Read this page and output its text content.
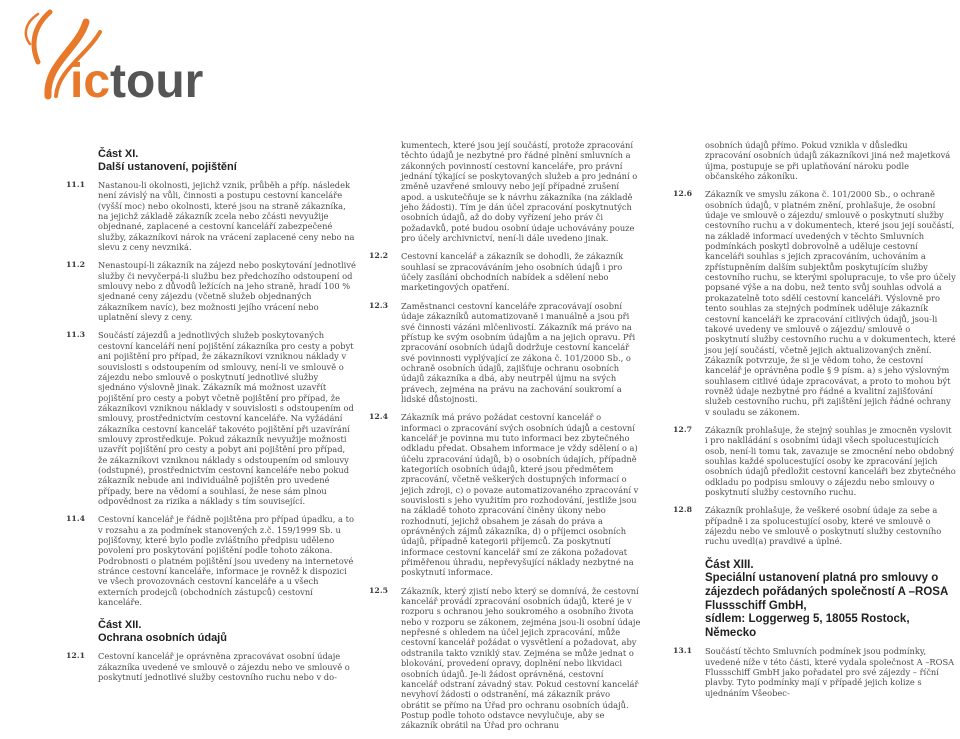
ictour
Část XI.
Další ustanovení, pojištění
11.1	Nastanou-li okolnosti, jejichž vznik, průběh a příp. následek není závislý na vůli, činnosti a postupu cestovní kanceláře (vyšší moc) nebo okolnosti, které jsou na straně zákazníka, na jejichž základě zákazník zcela nebo zčásti nevyužije objednané, zaplacené a cestovní kanceláří zabezpečené služby, zákazníkovi nárok na vrácení zaplacené ceny nebo na slevu z ceny nevzniká.
11.2	Nenastoupí-li zákazník na zájezd nebo poskytování jednotlivé služby či nevyčerpá-li službu bez předchozího odstoupení od smlouvy nebo z důvodů ležících na jeho straně, hradí 100 % sjednané ceny zájezdu (včetně služeb objednaných zákazníkem navíc), bez možnosti jejího vrácení nebo uplatnění slevy z ceny.
11.3	Součástí zájezdů a jednotlivých služeb poskytovaných cestovní kanceláří není pojištění zákazníka pro cesty a pobyt ani pojištění pro případ, že zákazníkovi vzniknou náklady v souvislosti s odstoupením od smlouvy, není-li ve smlouvě o zájezdu nebo smlouvě o poskytnutí jednotlivé služby sjednáno výslovně jinak. Zákazník má možnost uzavřít pojištění pro cesty a pobyt včetně pojištění pro případ, že zákazníkovi vzniknou náklady v souvislosti s odstoupením od smlouvy, prostřednictvím cestovní kanceláře. Na vyžádání zákazníka cestovní kancelář takovéto pojištění při uzavírání smlouvy zprostředkuje. Pokud zákazník nevyužije možnosti uzavřít pojištění pro cesty a pobyt ani pojištění pro případ, že zákazníkovi vzniknou náklady s odstoupením od smlouvy (odstupné), prostřednictvím cestovní kanceláře nebo pokud zákazník nebude ani individuálně pojištěn pro uvedené případy, bere na vědomí a souhlasí, že nese sám plnou odpovědnost za rizika a náklady s tím související.
11.4	Cestovní kancelář je řádně pojištěna pro případ úpadku, a to v rozsahu a za podmínek stanovených z.č. 159/1999 Sb. u pojišťovny, které bylo podle zvláštního předpisu uděleno povolení pro poskytování pojištění podle tohoto zákona. Podrobnosti o platném pojištění jsou uvedeny na internetové stránce cestovní kanceláře, informace je rovněž k dispozici ve všech provozovnách cestovní kanceláře a u všech externích prodejců (obchodních zástupců) cestovní kanceláře.
Část XII.
Ochrana osobních údajů
12.1	Cestovní kancelář je oprávněna zpracovávat osobní údaje zákazníka uvedené ve smlouvě o zájezdu nebo ve smlouvě o poskytnutí jednotlivé služby cestovního ruchu nebo v do-
kumentech, které jsou její součástí, protože zpracování těchto údajů je nezbytné pro řádné plnění smluvních a zákonných povinností cestovní kanceláře, pro právní jednání týkající se poskytovaných služeb a pro jednání o změně uzavřené smlouvy nebo její případné zrušení apod. a uskutečňuje se k návrhu zákazníka (na základě jeho žádosti). Tím je dán účel zpracování poskytnutých osobních údajů, až do doby vyřízení jeho práv či požadavků, poté budou osobní údaje uchovávány pouze pro účely archivnictví, není-li dále uvedeno jinak.
12.2	Cestovní kancelář a zákazník se dohodli, že zákazník souhlasí se zpracováváním jeho osobních údajů i pro účely zasílání obchodních nabídek a sdělení nebo marketingových opatření.
12.3	Zaměstnanci cestovní kanceláře zpracovávají osobní údaje zákazníků automatizovaně i manuálně a jsou při své činnosti vázáni mlčenlivostí. Zákazník má právo na přístup ke svým osobním údajům a na jejich opravu. Při zpracování osobních údajů dodržuje cestovní kancelář své povinnosti vyplývající ze zákona č. 101/2000 Sb., o ochraně osobních údajů, zajišťuje ochranu osobních údajů zákazníka a dbá, aby neutrpěl újmu na svých právech, zejména na právu na zachování soukromí a lidské důstojnosti.
12.4	Zákazník má právo požádat cestovní kancelář o informaci o zpracování svých osobních údajů a cestovní kancelář je povinna mu tuto informaci bez zbytečného odkladu předat. Obsahem informace je vždy sdělení o a) účelu zpracování údajů, b) o osobních údajích, případně kategoriích osobních údajů, které jsou předmětem zpracování, včetně veškerých dostupných informací o jejich zdroji, c) o povaze automatizovaného zpracování v souvislosti s jeho využitím pro rozhodování, jestliže jsou na základě tohoto zpracování činěny úkony nebo rozhodnutí, jejichž obsahem je zásah do práva a oprávněných zájmů zákazníka, d) o příjemci osobních údajů, případně kategorii příjemců. Za poskytnutí informace cestovní kancelář smí ze zákona požadovat přiměřenou úhradu, nepřevyšující náklady nezbytné na poskytnutí informace.
12.5	Zákazník, který zjistí nebo který se domnívá, že cestovní kancelář provádí zpracování osobních údajů, které je v rozporu s ochranou jeho soukromého a osobního života nebo v rozporu se zákonem, zejména jsou-li osobní údaje nepřesné s ohledem na účel jejich zpracování, může cestovní kancelář požádat o vysvětlení a požadovat, aby odstranila takto vzniklý stav. Zejména se může jednat o blokování, provedení opravy, doplnění nebo likvidaci osobních údajů. Je-li žádost oprávněná, cestovní kancelář odstraní závadný stav. Pokud cestovní kancelář nevyhoví žádosti o odstranění, má zákazník právo obrátit se přímo na Úřad pro ochranu osobních údajů. Postup podle tohoto odstavce nevylučuje, aby se zákazník obrátil na Úřad pro ochranu
osobních údajů přímo. Pokud vznikla v důsledku zpracování osobních údajů zákazníkovi jiná než majetková újma, postupuje se při uplatňování nároku podle občanského zákoníku.
12.6	Zákazník ve smyslu zákona č. 101/2000 Sb., o ochraně osobních údajů, v platném znění, prohlašuje, že osobní údaje ve smlouvě o zájezdu/ smlouvě o poskytnutí služby cestovního ruchu a v dokumentech, které jsou její součástí, na základě informací uvedených v těchto Smluvních podmínkách poskytl dobrovolně a uděluje cestovní kanceláři souhlas s jejich zpracováním, uchováním a zpřístupněním dalším subjektům poskytujícím služby cestovního ruchu, se kterými spolupracuje, to vše pro účely popsané výše a na dobu, než tento svůj souhlas odvolá a prokazatelně toto sdělí cestovní kanceláři. Výslovně pro tento souhlas za stejných podmínek uděluje zákazník cestovní kanceláři ke zpracování citlivých údajů, jsou-li takové uvedeny ve smlouvě o zájezdu/ smlouvě o poskytnutí služby cestovního ruchu a v dokumentech, které jsou její součástí, včetně jejich aktualizovaných znění. Zákazník potvrzuje, že si je vědom toho, že cestovní kancelář je oprávněna podle § 9 písm. a) s jeho výslovným souhlasem citlivé údaje zpracovávat, a proto to mohou být rovněž údaje nezbytné pro řádné a kvalitní zajišťování služeb cestovního ruchu, při zajištění jejich řádné ochrany v souladu se zákonem.
12.7	Zákazník prohlašuje, že stejný souhlas je zmocněn vyslovit i pro naklládání s osobními údaji všech spolucestujících osob, není-li tomu tak, zavazuje se zmocnění nebo obdobný souhlas každé spolucestující osoby ke zpracování jejich osobních údajů předložit cestovní kanceláři bez zbytečného odkladu po podpisu smlouvy o zájezdu nebo smlouvy o poskytnutí služby cestovního ruchu.
12.8	Zákazník prohlašuje, že veškeré osobní údaje za sebe a případně i za spolucestující osoby, které ve smlouvě o zájezdu nebo ve smlouvě o poskytnutí služby cestovního ruchu uvedl(a) pravdivé a úplné.
Část XIII.
Speciální ustanovení platná pro smlouvy o zájezdech pořádaných společností A –ROSA Flussschiff GmbH,
sídlem: Loggerweg 5, 18055 Rostock, Německo
13.1	Součástí těchto Smluvních podmínek jsou podmínky, uvedené níže v této části, které vydala společnost A –ROSA Flussschiff GmbH jako pořadatel pro své zájezdy – říční plavby. Tyto podmínky mají v případě jejich kolize s ujednáním Všeobec-
